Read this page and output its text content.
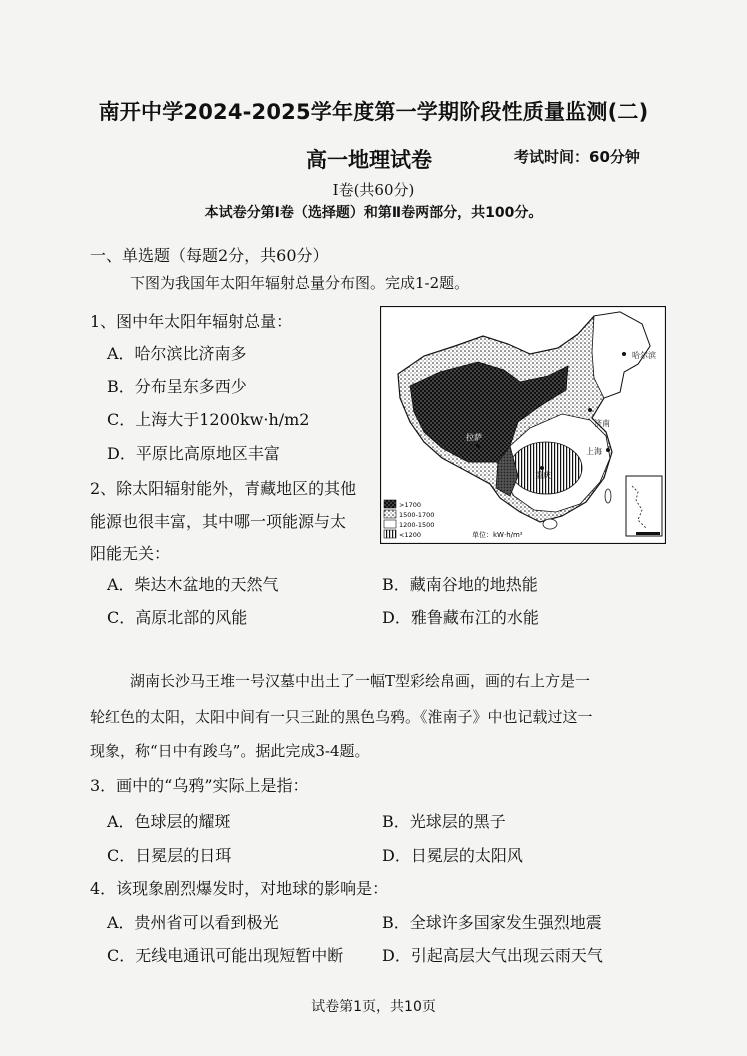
南开中学2024-2025学年度第一学期阶段性质量监测(二)
高一地理试卷	考试时间：60分钟
I卷(共60分)
本试卷分第Ⅰ卷（选择题）和第Ⅱ卷两部分，共100分。
一、单选题（每题2分，共60分）
下图为我国年太阳年辐射总量分布图。完成1-2题。
1、图中年太阳年辐射总量：
A．哈尔滨比济南多
B．分布呈东多西少
C．上海大于1200kw·h/m2
D．平原比高原地区丰富
2、除太阳辐射能外，青藏地区的其他
能源也很丰富，其中哪一项能源与太
阳能无关：
A．柴达木盆地的天然气	B．藏南谷地的地热能
C．高原北部的风能	D．雅鲁藏布江的水能
哈尔滨
济南
拉萨
重庆
上海
>1700
1500-1700
1200-1500
<1200	单位：kW·h/m²
湖南长沙马王堆一号汉墓中出土了一幅T型彩绘帛画，画的右上方是一
轮红色的太阳，太阳中间有一只三趾的黑色乌鸦。《淮南子》中也记载过这一
现象，称“日中有踆乌”。据此完成3-4题。
3．画中的“乌鸦”实际上是指：
A．色球层的耀斑	B．光球层的黑子
C．日冕层的日珥	D．日冕层的太阳风
4．该现象剧烈爆发时，对地球的影响是：
A．贵州省可以看到极光	B．全球许多国家发生强烈地震
C．无线电通讯可能出现短暂中断 D．引起高层大气出现云雨天气
试卷第1页，共10页
